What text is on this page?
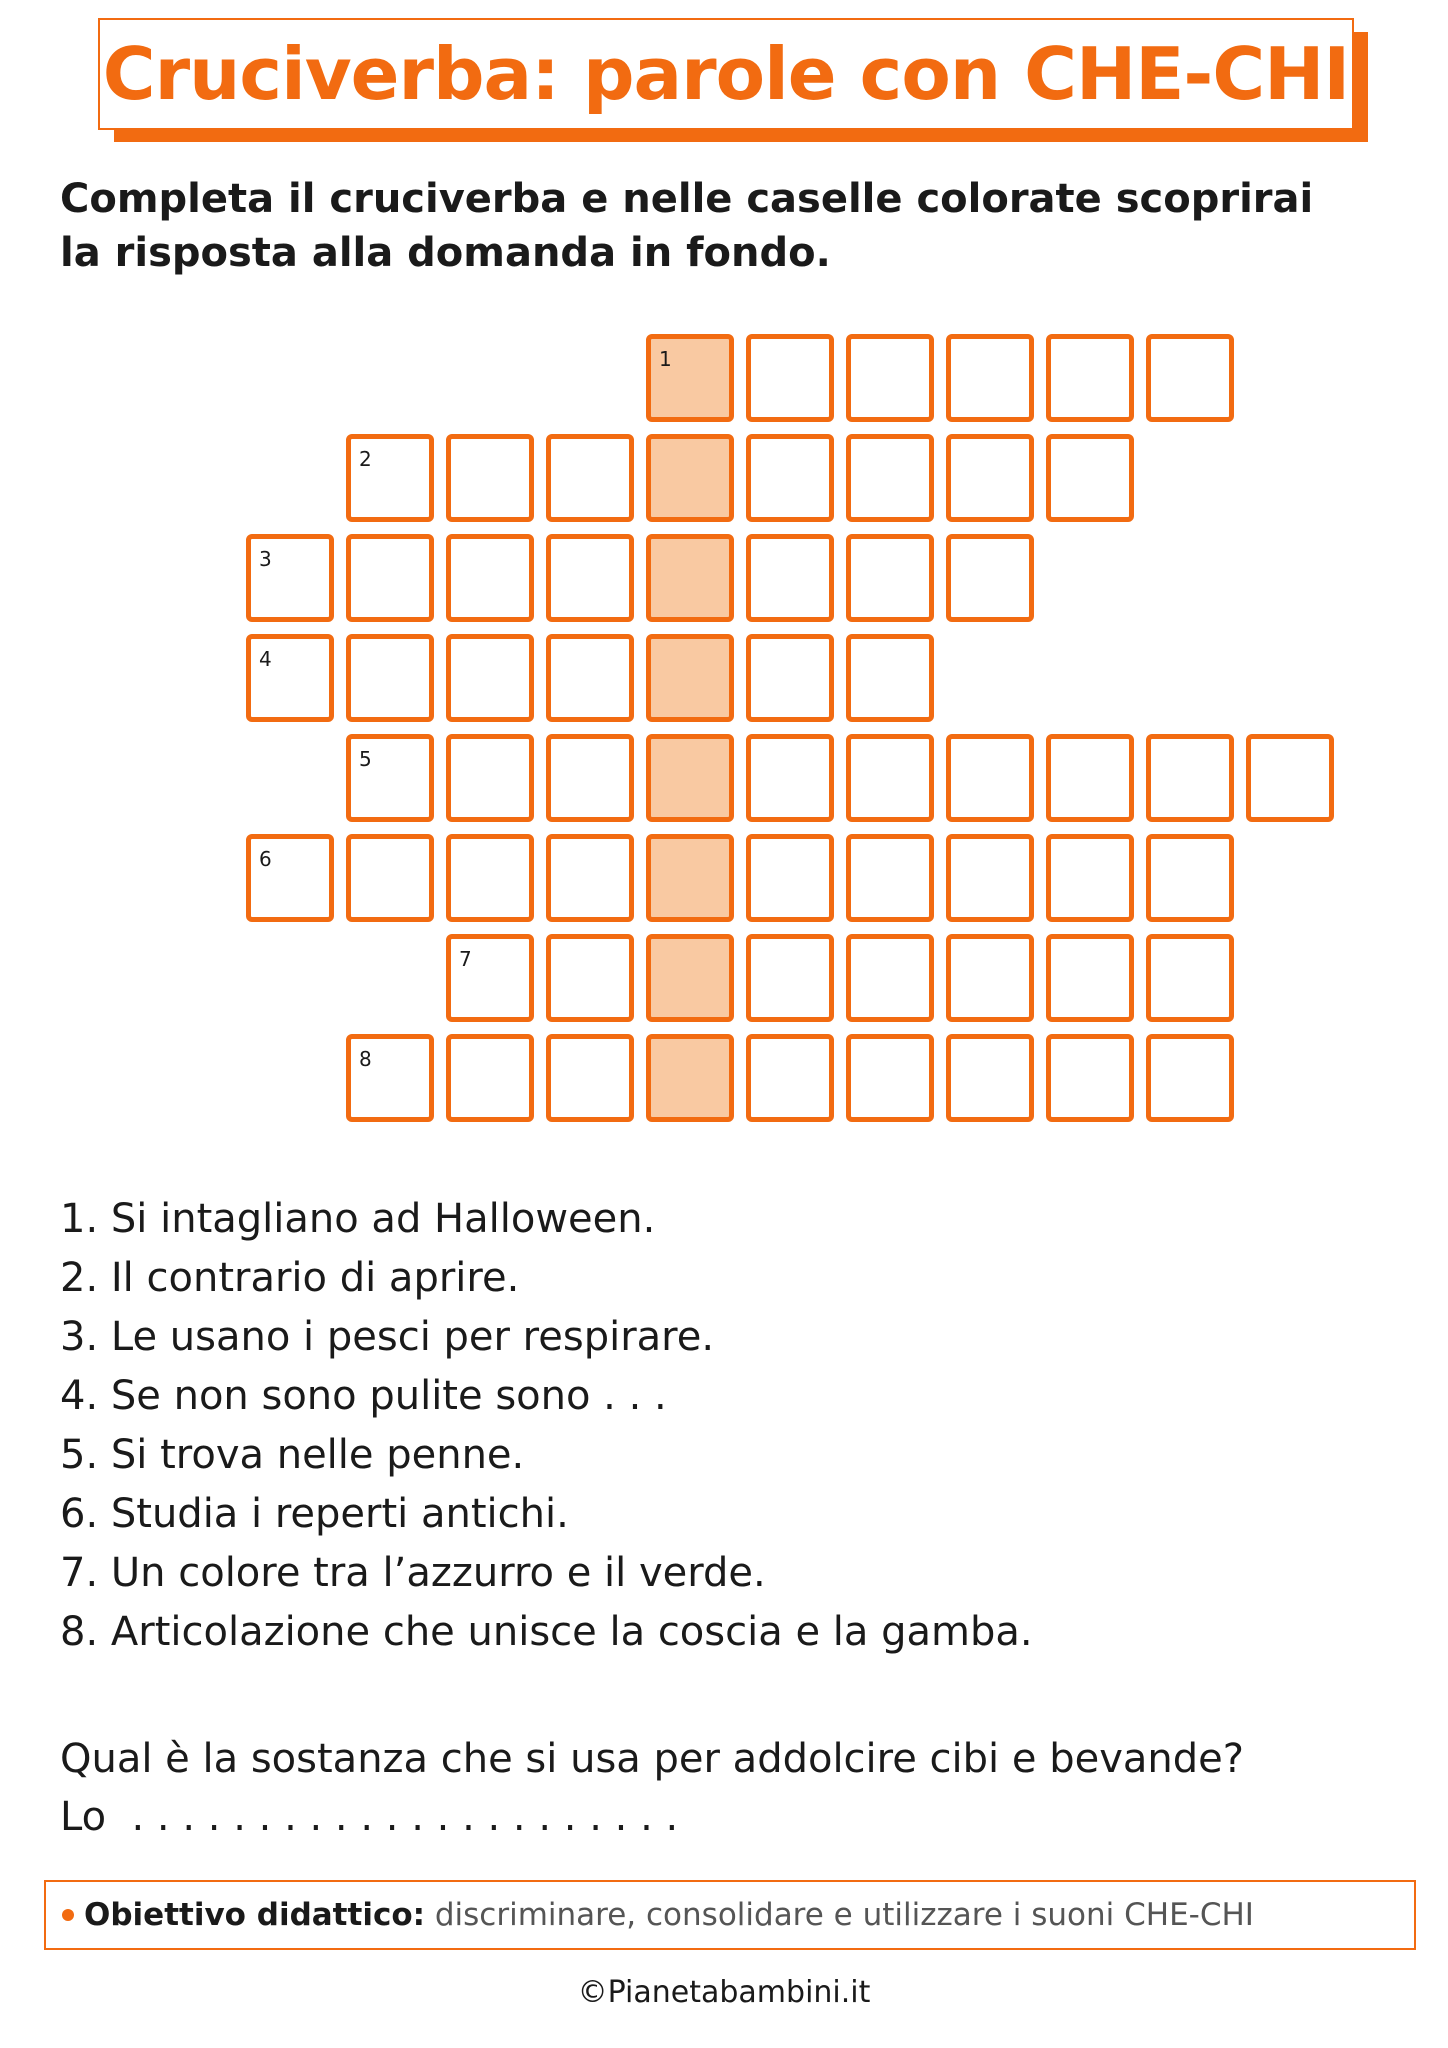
Cruciverba: parole con CHE-CHI

Completa il cruciverba e nelle caselle colorate scoprirai la risposta alla domanda in fondo.

1
2
3
4
5
6
7
8
1. Si intagliano ad Halloween.
2. Il contrario di aprire.
3. Le usano i pesci per respirare.
4. Se non sono pulite sono . . .
5. Si trova nelle penne.
6. Studia i reperti antichi.
7. Un colore tra l’azzurro e il verde.
8. Articolazione che unisce la coscia e la gamba.
Qual è la sostanza che si usa per addolcire cibi e bevande?
Lo  . . . . . . . . . . . . . . . . . . . . . .
Obiettivo didattico: discriminare, consolidare e utilizzare i suoni CHE-CHI
©Pianetabambini.it
